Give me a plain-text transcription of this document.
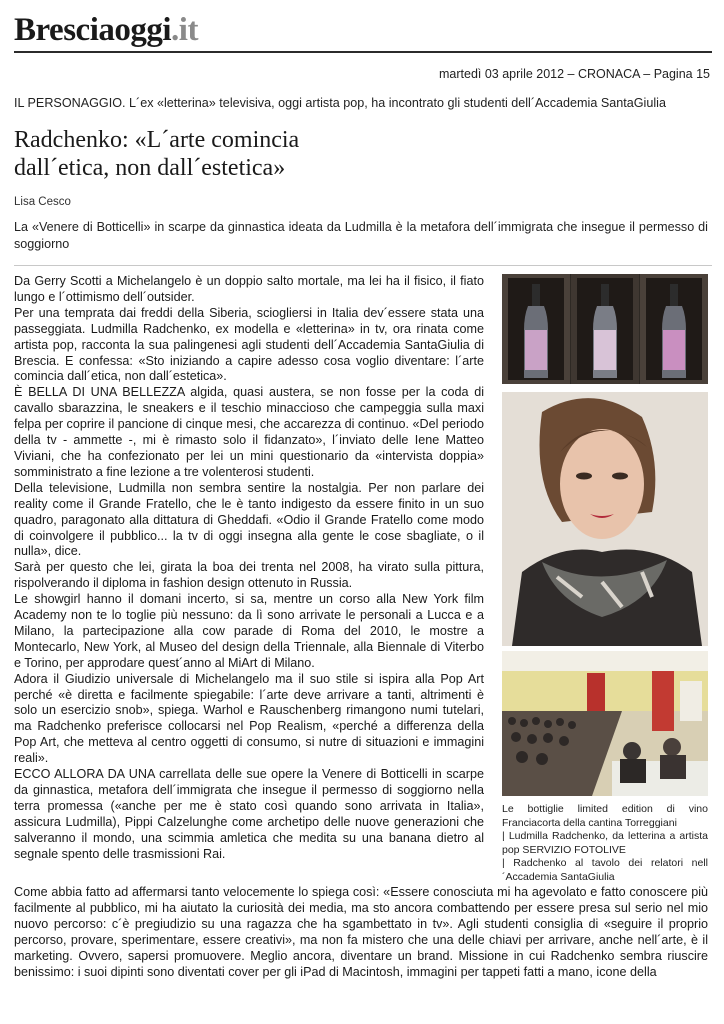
Bresciaoggi.it
martedì 03 aprile 2012 – CRONACA – Pagina 15
IL PERSONAGGIO. L´ex «letterina» televisiva, oggi artista pop, ha incontrato gli studenti dell´Accademia SantaGiulia
Radchenko: «L´arte comincia
dall´etica, non dall´estetica»
Lisa Cesco
La «Venere di Botticelli» in scarpe da ginnastica ideata da Ludmilla è la metafora dell´immigrata che insegue il permesso di soggiorno

Da Gerry Scotti a Michelangelo è un doppio salto mortale, ma lei ha il fisico, il fiato lungo e l´ottimismo dell´outsider.

Per una temprata dai freddi della Siberia, sciogliersi in Italia dev´essere stata una passeggiata. Ludmilla Radchenko, ex modella e «letterina» in tv, ora rinata come artista pop, racconta la sua palingenesi agli studenti dell´Accademia SantaGiulia di Brescia. E confessa: «Sto iniziando a capire adesso cosa voglio diventare: l´arte comincia dall´etica, non dall´estetica».

È BELLA DI UNA BELLEZZA algida, quasi austera, se non fosse per la coda di cavallo sbarazzina, le sneakers e il teschio minaccioso che campeggia sulla maxi felpa per coprire il pancione di cinque mesi, che accarezza di continuo. «Del periodo della tv - ammette -, mi è rimasto solo il fidanzato», l´inviato delle Iene Matteo Viviani, che ha confezionato per lei un mini questionario da «intervista doppia» somministrato a fine lezione a tre volenterosi studenti.

Della televisione, Ludmilla non sembra sentire la nostalgia. Per non parlare dei reality come il Grande Fratello, che le è tanto indigesto da essere finito in un suo quadro, paragonato alla dittatura di Gheddafi. «Odio il Grande Fratello come modo di coinvolgere il pubblico... la tv di oggi insegna alla gente le cose sbagliate, o il nulla», dice.

Sarà per questo che lei, girata la boa dei trenta nel 2008, ha virato sulla pittura, rispolverando il diploma in fashion design ottenuto in Russia.

Le showgirl hanno il domani incerto, si sa, mentre un corso alla New York film Academy non te lo toglie più nessuno: da lì sono arrivate le personali a Lucca e a Milano, la partecipazione alla cow parade di Roma del 2010, le mostre a Montecarlo, New York, al Museo del design della Triennale, alla Biennale di Viterbo e Torino, per approdare quest´anno al MiArt di Milano.

Adora il Giudizio universale di Michelangelo ma il suo stile si ispira alla Pop Art perché «è diretta e facilmente spiegabile: l´arte deve arrivare a tanti, altrimenti è solo un esercizio snob», spiega. Warhol e Rauschenberg rimangono numi tutelari, ma Radchenko preferisce collocarsi nel Pop Realism, «perché a differenza della Pop Art, che metteva al centro oggetti di consumo, si nutre di situazioni e immagini reali».

ECCO ALLORA DA UNA carrellata delle sue opere la Venere di Botticelli in scarpe da ginnastica, metafora dell´immigrata che insegue il permesso di soggiorno nella terra promessa («anche per me è stato così quando sono arrivata in Italia», assicura Ludmilla), Pippi Calzelunghe come archetipo delle nuove generazioni che salveranno il mondo, una scimmia amletica che medita su una banana dietro al segnale spento delle trasmissioni Rai.

Come abbia fatto ad affermarsi tanto velocemente lo spiega così: «Essere conosciuta mi ha agevolato e fatto conoscere più facilmente al pubblico, mi ha aiutato la curiosità dei media, ma sto ancora combattendo per essere presa sul serio nel mio nuovo percorso: c´è pregiudizio su una ragazza che ha sgambettato in tv». Agli studenti consiglia di «seguire il proprio percorso, provare, sperimentare, essere creativi», ma non fa mistero che una delle chiavi per arrivare, anche nell´arte, è il marketing. Ovvero, sapersi promuovere. Meglio ancora, diventare un brand. Missione in cui Radchenko sembra riuscire benissimo: i suoi dipinti sono diventati cover per gli iPad di Macintosh, immagini per tappeti fatti a mano, icone della

Le bottiglie limited edition di vino Franciacorta della cantina Torreggiani

| Ludmilla Radchenko, da letterina a artista pop SERVIZIO FOTOLIVE

| Radchenko al tavolo dei relatori nell´Accademia SantaGiulia
